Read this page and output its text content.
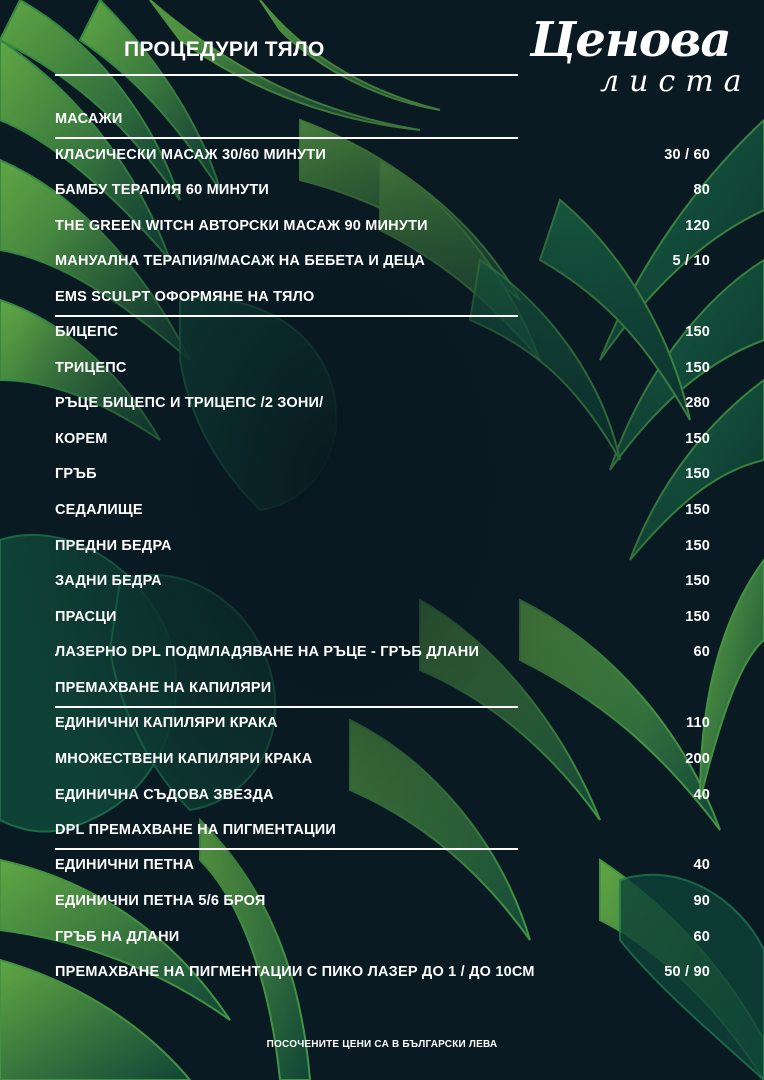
ПРОЦЕДУРИ ТЯЛО	Ценова
листа
МАСАЖИ
КЛАСИЧЕСКИ МАСАЖ 30/60 МИНУТИ	30 / 60
БАМБУ ТЕРАПИЯ 60 МИНУТИ	80
THE GREEN WITCH АВТОРСКИ МАСАЖ 90 МИНУТИ	120
МАНУАЛНА ТЕРАПИЯ/МАСАЖ НА БЕБЕТА И ДЕЦА	5 / 10
EMS SCULPT ОФОРМЯНЕ НА ТЯЛО
БИЦЕПС	150
ТРИЦЕПС	150
РЪЦЕ БИЦЕПС И ТРИЦЕПС /2 ЗОНИ/	280
КОРЕМ	150
ГРЪБ	150
СЕДАЛИЩЕ	150
ПРЕДНИ БЕДРА	150
ЗАДНИ БЕДРА	150
ПРАСЦИ	150
ЛАЗЕРНО DPL ПОДМЛАДЯВАНЕ НА РЪЦЕ - ГРЪБ ДЛАНИ	60
ПРЕМАХВАНЕ НА КАПИЛЯРИ
ЕДИНИЧНИ КАПИЛЯРИ КРАКА	110
МНОЖЕСТВЕНИ КАПИЛЯРИ КРАКА	200
ЕДИНИЧНА СЪДОВА ЗВЕЗДА	40
DPL ПРЕМАХВАНЕ НА ПИГМЕНТАЦИИ
ЕДИНИЧНИ ПЕТНА	40
ЕДИНИЧНИ ПЕТНА 5/6 БРОЯ	90
ГРЪБ НА ДЛАНИ	60
ПРЕМАХВАНЕ НА ПИГМЕНТАЦИИ С ПИКО ЛАЗЕР ДО 1 / ДО 10СМ	50 / 90
ПОСОЧЕНИТЕ ЦЕНИ СА В БЪЛГАРСКИ ЛЕВА
